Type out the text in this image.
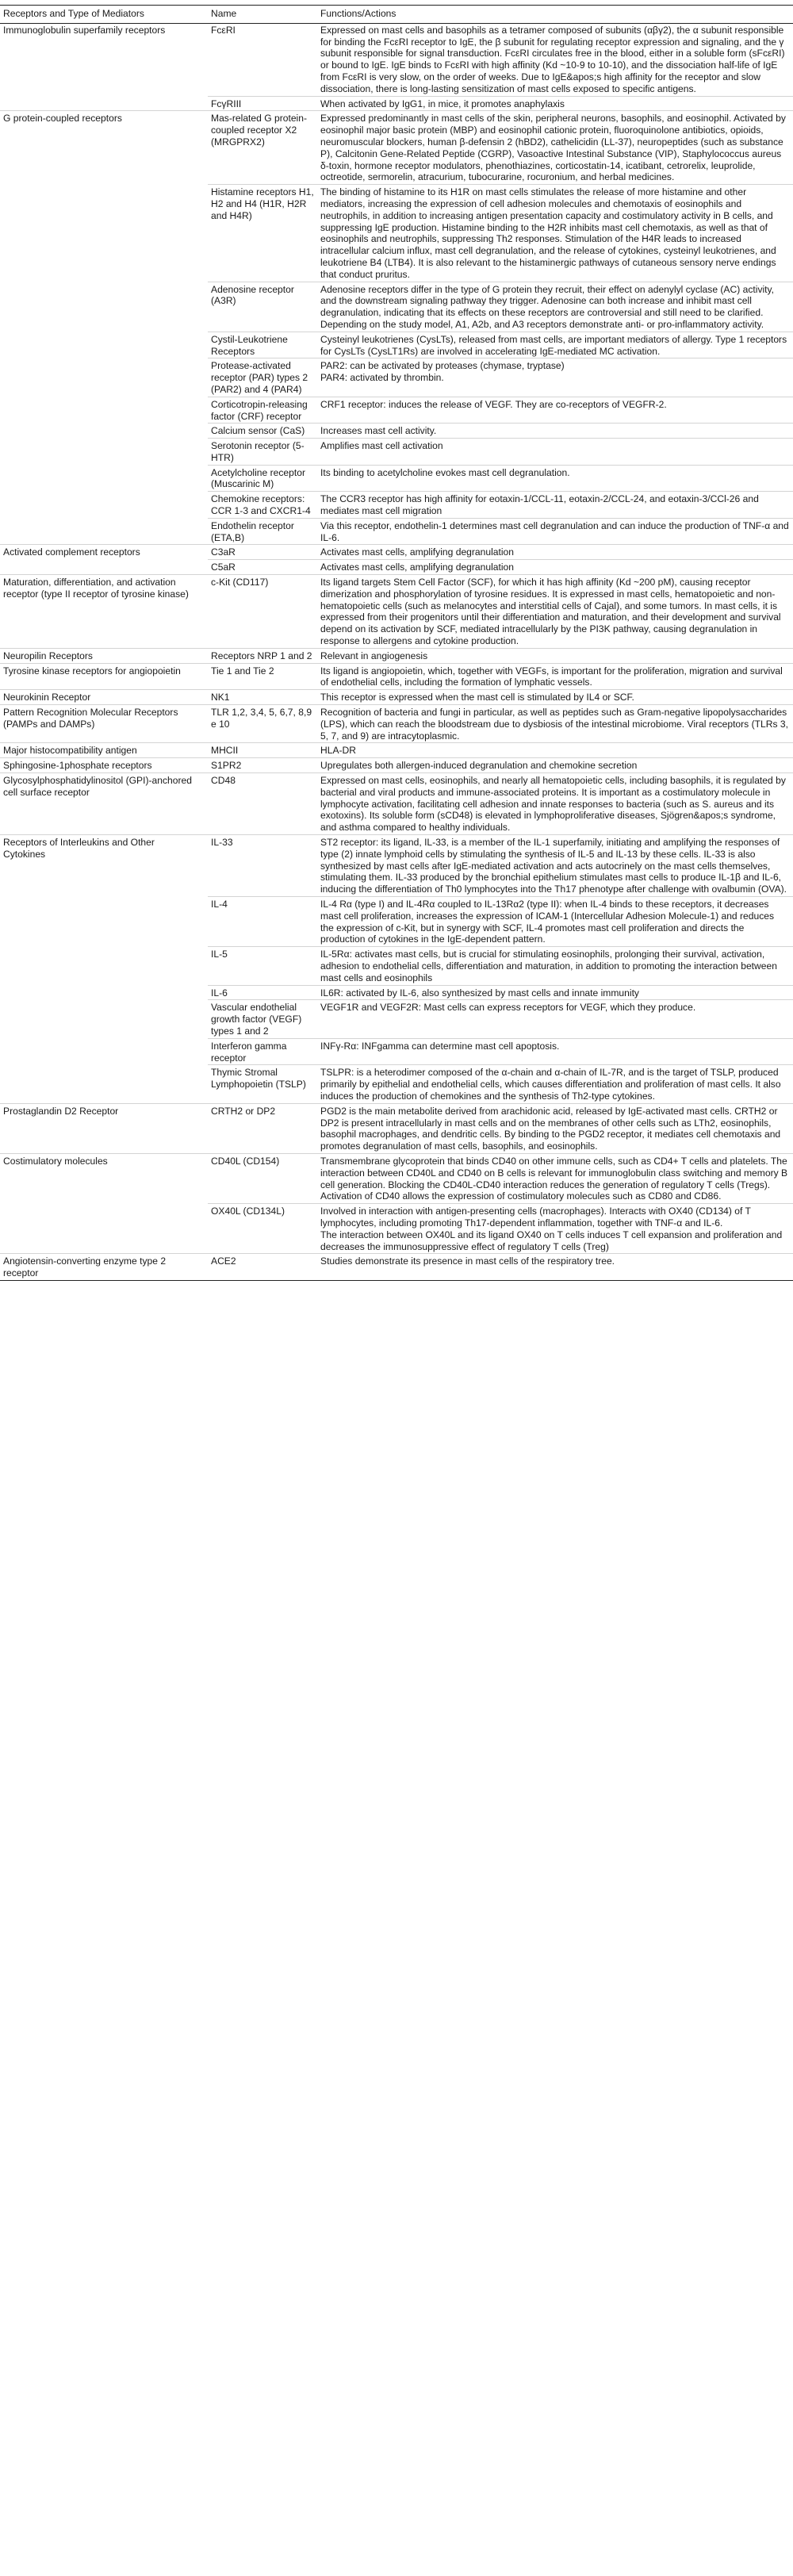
Receptors and Type of Mediators	Name	Functions/Actions
Immunoglobulin superfamily receptors	FcεRI	Expressed on mast cells and basophils as a tetramer composed of subunits (αβγ2), the α subunit responsible for binding the FcεRI receptor to IgE, the β subunit for regulating receptor expression and signaling, and the γ subunit responsible for signal transduction. FcεRI circulates free in the blood, either in a soluble form (sFcεRI) or bound to IgE. IgE binds to FcεRI with high affinity (Kd ~10-9 to 10-10), and the dissociation half-life of IgE from FcεRI is very slow, on the order of weeks. Due to IgE&apos;s high affinity for the receptor and slow dissociation, there is long-lasting sensitization of mast cells exposed to specific antigens.

	FcγRIII	When activated by IgG1, in mice, it promotes anaphylaxis

G protein-coupled receptors	Mas-related G protein-coupled receptor X2 (MRGPRX2)	Expressed predominantly in mast cells of the skin, peripheral neurons, basophils, and eosinophil. Activated by eosinophil major basic protein (MBP) and eosinophil cationic protein, fluoroquinolone antibiotics, opioids, neuromuscular blockers, human β-defensin 2 (hBD2), cathelicidin (LL-37), neuropeptides (such as substance P), Calcitonin Gene-Related Peptide (CGRP), Vasoactive Intestinal Substance (VIP), Staphylococcus aureus δ-toxin, hormone receptor modulators, phenothiazines, corticostatin-14, icatibant, cetrorelix, leuprolide, octreotide, sermorelin, atracurium, tubocurarine, rocuronium, and herbal medicines.

	Histamine receptors H1, H2 and H4 (H1R, H2R and H4R)	The binding of histamine to its H1R on mast cells stimulates the release of more histamine and other mediators, increasing the expression of cell adhesion molecules and chemotaxis of eosinophils and neutrophils, in addition to increasing antigen presentation capacity and costimulatory activity in B cells, and suppressing IgE production. Histamine binding to the H2R inhibits mast cell chemotaxis, as well as that of eosinophils and neutrophils, suppressing Th2 responses. Stimulation of the H4R leads to increased intracellular calcium influx, mast cell degranulation, and the release of cytokines, cysteinyl leukotrienes, and leukotriene B4 (LTB4). It is also relevant to the histaminergic pathways of cutaneous sensory nerve endings that conduct pruritus.

	Adenosine receptor (A3R)	Adenosine receptors differ in the type of G protein they recruit, their effect on adenylyl cyclase (AC) activity, and the downstream signaling pathway they trigger. Adenosine can both increase and inhibit mast cell degranulation, indicating that its effects on these receptors are controversial and still need to be clarified. Depending on the study model, A1, A2b, and A3 receptors demonstrate anti- or pro-inflammatory activity.

	Cystil-Leukotriene Receptors	Cysteinyl leukotrienes (CysLTs), released from mast cells, are important mediators of allergy. Type 1 receptors for CysLTs (CysLT1Rs) are involved in accelerating IgE-mediated MC activation.

	Protease-activated receptor (PAR) types 2 (PAR2) and 4 (PAR4)	PAR2: can be activated by proteases (chymase, tryptase)
PAR4: activated by thrombin.

	Corticotropin-releasing factor (CRF) receptor	CRF1 receptor: induces the release of VEGF. They are co-receptors of VEGFR-2.

	Calcium sensor (CaS)	Increases mast cell activity.

	Serotonin receptor (5-HTR)	Amplifies mast cell activation

	Acetylcholine receptor (Muscarinic M)	Its binding to acetylcholine evokes mast cell degranulation.

	Chemokine receptors: CCR 1-3 and CXCR1-4	The CCR3 receptor has high affinity for eotaxin-1/CCL-11, eotaxin-2/CCL-24, and eotaxin-3/CCl-26 and mediates mast cell migration

	Endothelin receptor (ETA,B)	Via this receptor, endothelin-1 determines mast cell degranulation and can induce the production of TNF-α and IL-6.

Activated complement receptors	C3aR	Activates mast cells, amplifying degranulation

	C5aR	Activates mast cells, amplifying degranulation

Maturation, differentiation, and activation receptor (type II receptor of tyrosine kinase)	c-Kit (CD117)	Its ligand targets Stem Cell Factor (SCF), for which it has high affinity (Kd ~200 pM), causing receptor dimerization and phosphorylation of tyrosine residues. It is expressed in mast cells, hematopoietic and non-hematopoietic cells (such as melanocytes and interstitial cells of Cajal), and some tumors. In mast cells, it is expressed from their progenitors until their differentiation and maturation, and their development and survival depend on its activation by SCF, mediated intracellularly by the PI3K pathway, causing degranulation in response to allergens and cytokine production.

Neuropilin Receptors	Receptors NRP 1 and 2	Relevant in angiogenesis

Tyrosine kinase receptors for angiopoietin	Tie 1 and Tie 2	Its ligand is angiopoietin, which, together with VEGFs, is important for the proliferation, migration and survival of endothelial cells, including the formation of lymphatic vessels.

Neurokinin Receptor	NK1	This receptor is expressed when the mast cell is stimulated by IL4 or SCF.

Pattern Recognition Molecular Receptors (PAMPs and DAMPs)	TLR 1,2, 3,4, 5, 6,7, 8,9 e 10	Recognition of bacteria and fungi in particular, as well as peptides such as Gram-negative lipopolysaccharides (LPS), which can reach the bloodstream due to dysbiosis of the intestinal microbiome. Viral receptors (TLRs 3, 5, 7, and 9) are intracytoplasmic.

Major histocompatibility antigen	MHCII	HLA-DR

Sphingosine-1phosphate receptors	S1PR2	Upregulates both allergen-induced degranulation and chemokine secretion

Glycosylphosphatidylinositol (GPI)-anchored cell surface receptor	CD48	Expressed on mast cells, eosinophils, and nearly all hematopoietic cells, including basophils, it is regulated by bacterial and viral products and immune-associated proteins. It is important as a costimulatory molecule in lymphocyte activation, facilitating cell adhesion and innate responses to bacteria (such as S. aureus and its exotoxins). Its soluble form (sCD48) is elevated in lymphoproliferative diseases, Sjögren&apos;s syndrome, and asthma compared to healthy individuals.

Receptors of Interleukins and Other Cytokines	IL-33	ST2 receptor: its ligand, IL-33, is a member of the IL-1 superfamily, initiating and amplifying the responses of type (2) innate lymphoid cells by stimulating the synthesis of IL-5 and IL-13 by these cells. IL-33 is also synthesized by mast cells after IgE-mediated activation and acts autocrinely on the mast cells themselves, stimulating them. IL-33 produced by the bronchial epithelium stimulates mast cells to produce IL-1β and IL-6, inducing the differentiation of Th0 lymphocytes into the Th17 phenotype after challenge with ovalbumin (OVA).

	IL-4	IL-4 Rα (type I) and IL-4Rα coupled to IL-13Rα2 (type II): when IL-4 binds to these receptors, it decreases mast cell proliferation, increases the expression of ICAM-1 (Intercellular Adhesion Molecule-1) and reduces the expression of c-Kit, but in synergy with SCF, IL-4 promotes mast cell proliferation and directs the production of cytokines in the IgE-dependent pattern.

	IL-5	IL-5Rα: activates mast cells, but is crucial for stimulating eosinophils, prolonging their survival, activation, adhesion to endothelial cells, differentiation and maturation, in addition to promoting the interaction between mast cells and eosinophils

	IL-6	IL6R: activated by IL-6, also synthesized by mast cells and innate immunity

	Vascular endothelial growth factor (VEGF) types 1 and 2	VEGF1R and VEGF2R: Mast cells can express receptors for VEGF, which they produce.

	Interferon gamma receptor	INFγ-Rα: INFgamma can determine mast cell apoptosis.

	Thymic Stromal Lymphopoietin (TSLP)	TSLPR: is a heterodimer composed of the α-chain and α-chain of IL-7R, and is the target of TSLP, produced primarily by epithelial and endothelial cells, which causes differentiation and proliferation of mast cells. It also induces the production of chemokines and the synthesis of Th2-type cytokines.

Prostaglandin D2 Receptor	CRTH2 or DP2	PGD2 is the main metabolite derived from arachidonic acid, released by IgE-activated mast cells. CRTH2 or DP2 is present intracellularly in mast cells and on the membranes of other cells such as LTh2, eosinophils, basophil macrophages, and dendritic cells. By binding to the PGD2 receptor, it mediates cell chemotaxis and promotes degranulation of mast cells, basophils, and eosinophils.

Costimulatory molecules	CD40L (CD154)	Transmembrane glycoprotein that binds CD40 on other immune cells, such as CD4+ T cells and platelets. The interaction between CD40L and CD40 on B cells is relevant for immunoglobulin class switching and memory B cell generation. Blocking the CD40L-CD40 interaction reduces the generation of regulatory T cells (Tregs). Activation of CD40 allows the expression of costimulatory molecules such as CD80 and CD86.

	OX40L (CD134L)	Involved in interaction with antigen-presenting cells (macrophages). Interacts with OX40 (CD134) of T lymphocytes, including promoting Th17-dependent inflammation, together with TNF-α and IL-6.
The interaction between OX40L and its ligand OX40 on T cells induces T cell expansion and proliferation and decreases the immunosuppressive effect of regulatory T cells (Treg)

Angiotensin-converting enzyme type 2 receptor	ACE2	Studies demonstrate its presence in mast cells of the respiratory tree.
